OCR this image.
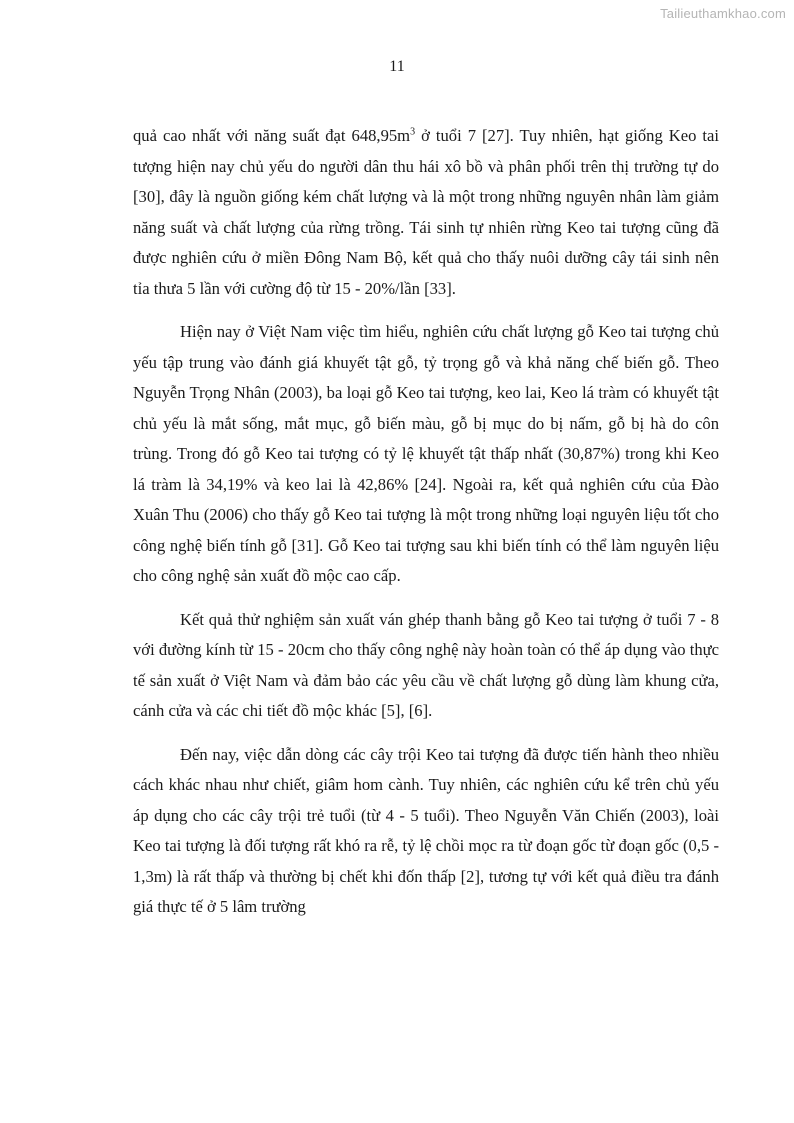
Tailieuthamkhao.com
11

quả cao nhất với năng suất đạt $648,95m^3$ ở tuổi 7 [27]. Tuy nhiên, hạt giống Keo tai tượng hiện nay chủ yếu do người dân thu hái xô bồ và phân phối trên thị trường tự do [30], đây là nguồn giống kém chất lượng và là một trong những nguyên nhân làm giảm năng suất và chất lượng của rừng trồng. Tái sinh tự nhiên rừng Keo tai tượng cũng đã được nghiên cứu ở miền Đông Nam Bộ, kết quả cho thấy nuôi dưỡng cây tái sinh nên tỉa thưa 5 lần với cường độ từ 15 - 20%/lần [33].

Hiện nay ở Việt Nam việc tìm hiểu, nghiên cứu chất lượng gỗ Keo tai tượng chủ yếu tập trung vào đánh giá khuyết tật gỗ, tỷ trọng gỗ và khả năng chế biến gỗ. Theo Nguyễn Trọng Nhân (2003), ba loại gỗ Keo tai tượng, keo lai, Keo lá tràm có khuyết tật chủ yếu là mắt sống, mắt mục, gỗ biến màu, gỗ bị mục do bị nấm, gỗ bị hà do côn trùng. Trong đó gỗ Keo tai tượng có tỷ lệ khuyết tật thấp nhất (30,87%) trong khi Keo lá tràm là 34,19% và keo lai là 42,86% [24]. Ngoài ra, kết quả nghiên cứu của Đào Xuân Thu (2006) cho thấy gỗ Keo tai tượng là một trong những loại nguyên liệu tốt cho công nghệ biến tính gỗ [31]. Gỗ Keo tai tượng sau khi biến tính có thể làm nguyên liệu cho công nghệ sản xuất đồ mộc cao cấp.

Kết quả thử nghiệm sản xuất ván ghép thanh bằng gỗ Keo tai tượng ở tuổi 7 - 8 với đường kính từ 15 - 20cm cho thấy công nghệ này hoàn toàn có thể áp dụng vào thực tế sản xuất ở Việt Nam và đảm bảo các yêu cầu về chất lượng gỗ dùng làm khung cửa, cánh cửa và các chi tiết đồ mộc khác [5], [6].

Đến nay, việc dẫn dòng các cây trội Keo tai tượng đã được tiến hành theo nhiều cách khác nhau như chiết, giâm hom cành. Tuy nhiên, các nghiên cứu kể trên chủ yếu áp dụng cho các cây trội trẻ tuổi (từ 4 - 5 tuổi). Theo Nguyễn Văn Chiến (2003), loài Keo tai tượng là đối tượng rất khó ra rễ, tỷ lệ chồi mọc ra từ đoạn gốc từ đoạn gốc (0,5 - 1,3m) là rất thấp và thường bị chết khi đốn thấp [2], tương tự với kết quả điều tra đánh giá thực tế ở 5 lâm trường
